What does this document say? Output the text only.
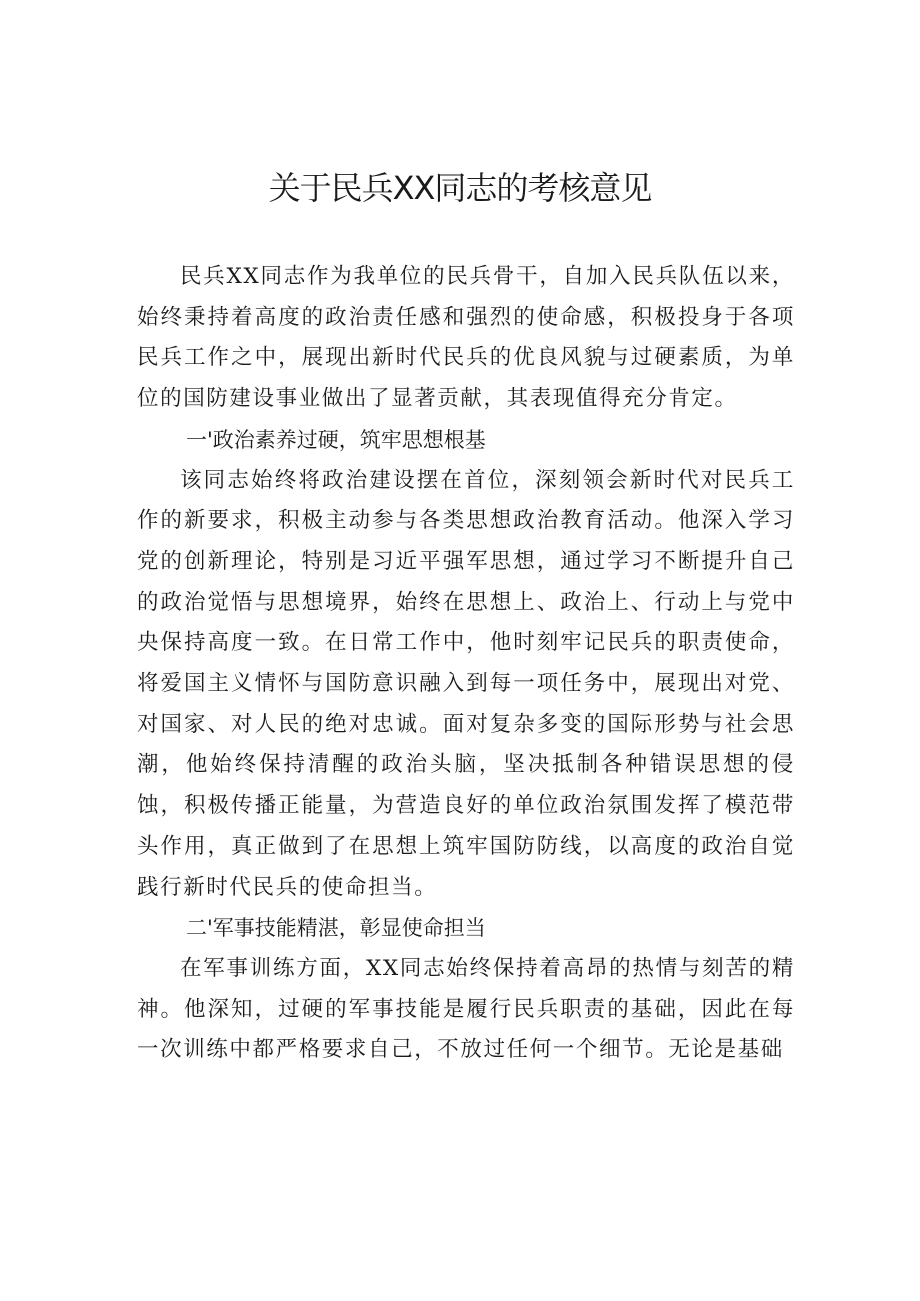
关于民兵XX同志的考核意见

民兵XX同志作为我单位的民兵骨干，自加入民兵队伍以来，始终秉持着高度的政治责任感和强烈的使命感，积极投身于各项民兵工作之中，展现出新时代民兵的优良风貌与过硬素质，为单位的国防建设事业做出了显著贡献，其表现值得充分肯定。

一'政治素养过硬，筑牢思想根基

该同志始终将政治建设摆在首位，深刻领会新时代对民兵工作的新要求，积极主动参与各类思想政治教育活动。他深入学习党的创新理论，特别是习近平强军思想，通过学习不断提升自己的政治觉悟与思想境界，始终在思想上、政治上、行动上与党中央保持高度一致。在日常工作中，他时刻牢记民兵的职责使命，将爱国主义情怀与国防意识融入到每一项任务中，展现出对党、对国家、对人民的绝对忠诚。面对复杂多变的国际形势与社会思潮，他始终保持清醒的政治头脑，坚决抵制各种错误思想的侵蚀，积极传播正能量，为营造良好的单位政治氛围发挥了模范带头作用，真正做到了在思想上筑牢国防防线，以高度的政治自觉践行新时代民兵的使命担当。

二'军事技能精湛，彰显使命担当

在军事训练方面，XX同志始终保持着高昂的热情与刻苦的精神。他深知，过硬的军事技能是履行民兵职责的基础，因此在每一次训练中都严格要求自己，不放过任何一个细节。无论是基础
